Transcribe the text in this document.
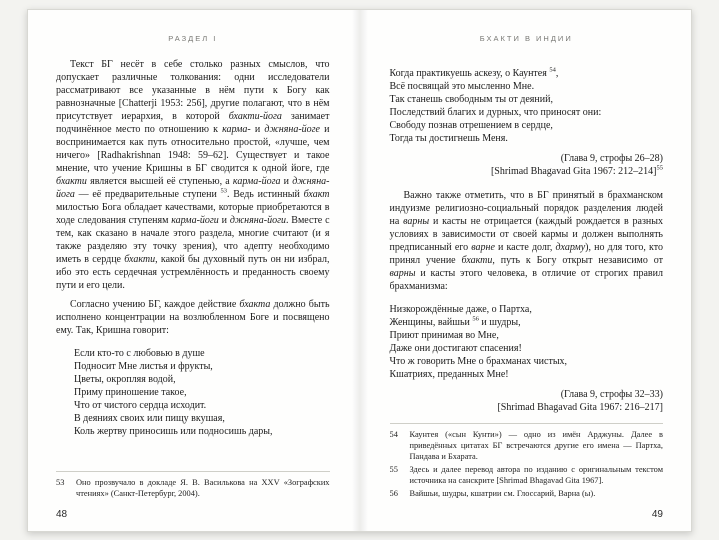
РАЗДЕЛ I

Текст БГ несёт в себе столько разных смыслов, что допускает различные толкования: одни исследователи рассматривают все указанные в нём пути к Богу как равнозначные [Chatterji 1953: 256], другие полагают, что в нём присутствует иерархия, в которой бхакти-йога занимает подчинённое место по отношению к карма- и джняна-йоге и воспринимается как путь относительно простой, «лучше, чем ничего» [Radhakrishnan 1948: 59–62]. Существует и такое мнение, что учение Кришны в БГ сводится к одной йоге, где бхакти является высшей её ступенью, а карма-йога и джняна-йога — её предварительные ступени $^{53}$. Ведь истинный бхакт милостью Бога обладает качествами, которые приобретаются в ходе следования ступеням карма-йоги и джняна-йоги. Вместе с тем, как сказано в начале этого раздела, многие считают (и я также разделяю эту точку зрения), что адепту необходимо иметь в сердце бхакти, какой бы духовный путь он ни избрал, ибо это есть сердечная устремлённость и преданность своему пути и его цели.

Согласно учению БГ, каждое действие бхакта должно быть исполнено концентрации на возлюбленном Боге и посвящено ему. Так, Кришна говорит:

Если кто-то с любовью в душе
Подносит Мне листья и фрукты,
Цветы, окропляя водой,
Приму приношение такое,
Что от чистого сердца исходит.
В деяниях своих или пищу вкушая,
Коль жертву приносишь или подносишь дары,
53	Оно прозвучало в докладе Я. В. Василькова на XXV «Зографских чтениях» (Санкт-Петербург, 2004).
48
БХАКТИ В ИНДИИ
Когда практикуешь аскезу, о Каунтея $^{54}$,
Всё посвящай это мысленно Мне.
Так станешь свободным ты от деяний,
Последствий благих и дурных, что приносят они:
Свободу познав отрешением в сердце,
Тогда ты достигнешь Меня.
(Глава 9, строфы 26–28)
[Shrimad Bhagavad Gita 1967: 212–214]$^{55}$

Важно также отметить, что в БГ принятый в брахманском индуизме религиозно-социальный порядок разделения людей на варны и касты не отрицается (каждый рождается в разных условиях в зависимости от своей кармы и должен выполнять предписанный его варне и касте долг, дхарму), но для того, кто принял учение бхакти, путь к Богу открыт независимо от варны и касты этого человека, в отличие от строгих правил брахманизма:

Низкорождённые даже, о Партха,
Женщины, вайшьи $^{56}$ и шудры,
Приют принимая во Мне,
Даже они достигают спасения!
Что ж говорить Мне о брахманах чистых,
Кшатриях, преданных Мне!
(Глава 9, строфы 32–33)
[Shrimad Bhagavad Gita 1967: 216–217]
54	Каунтея («сын Кунти») — одно из имён Арджуны. Далее в приведённых цитатах БГ встречаются другие его имена — Партха, Пандава и Бхарата.
55	Здесь и далее перевод автора по изданию с оригинальным текстом источника на санскрите [Shrimad Bhagavad Gita 1967].
56	Вайшьи, шудры, кшатрии см. Глоссарий, Варна (ы).
49
